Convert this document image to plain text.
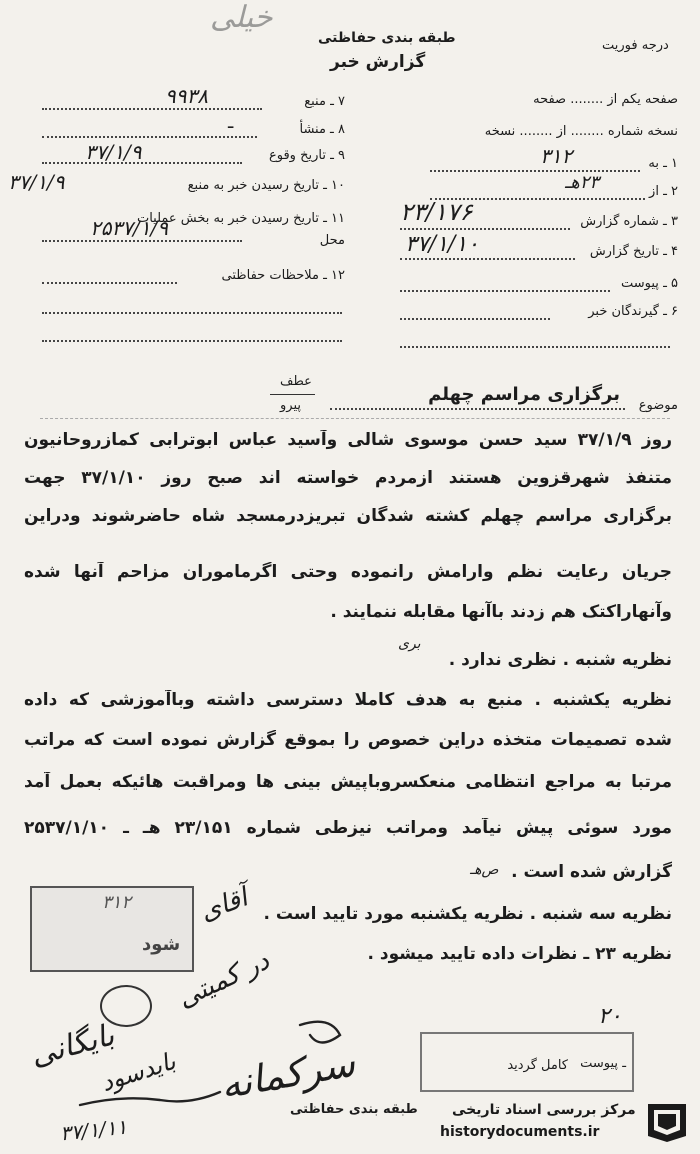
خیلی
درجه فوریت
طبقه بندی حفاظتی
گزارش خبر
صفحه یکم از ........ صفحه
نسخه شماره ........ از ........ نسخه
۱ ـ به
۳۱۲
۲ ـ از
۲۳هـ
۳ ـ شماره گزارش
۲۳/۱۷۶
۴ ـ تاریخ گزارش
۳۷/۱/۱۰
۵ ـ پیوست
۶ ـ گیرندگان خبر
۷ ـ منبع
۹۹۳۸
۸ ـ منشأ
ـ
۹ ـ تاریخ وقوع
۳۷/۱/۹
۱۰ ـ تاریخ رسیدن خبر به منبع
۳۷/۱/۹
۱۱ ـ تاریخ رسیدن خبر به بخش عملیات محل
۲۵۳۷/۱/۹
۱۲ ـ ملاحظات حفاظتی
موضوع
برگزاری مراسم چهلم
عطف
پیرو
روز ۳۷/۱/۹ سید حسن موسوی شالی وآسید عباس ابوترابی کمازروحانیون
متنفذ شهرقزوین هستند ازمردم خواسته اند صبح روز ۳۷/۱/۱۰ جهت
برگزاری مراسم چهلم کشته شدگان تبریزدرمسجد شاه حاضرشوند ودراین
جریان رعایت نظم وارامش رانموده وحتی اگرما‌موران مزاحم آنها شده
وآنهاراکتک هم زدند باآنها مقابله ننمایند .
بری
نظریه شنبه . نظری ندارد .
نظریه یکشنبه . منبع به هدف کاملا دسترسی داشته وباآموزشی که داده
شده تصمیمات متخذه دراین خصوص را بموقع گزارش نموده است که مراتب
مرتبا به مراجع انتظامی منعکسروباپیش بینی ها ومراقبت هائیکه بعمل آمد
مورد سوئی پیش نیآمد ومراتب نیزطی شماره ۲۳/۱۵۱ هـ ـ ۲۵۳۷/۱/۱۰
گزارش شده است .
ص‌هـ
نظریه سه شنبه . نظریه یکشنبه مورد تایید است .
نظریه ۲۳ ـ نظرات داده تایید میشود .
۳۱۲
شود
آقای
در کمیتی
بایگانی
بایدسود
۲۰
ـ پیوست
کامل گردید
سرکمانه
۳۷/۱/۱۱
طبقه بندی حفاظتی مرکز بررسی اسناد تاریخی
historydocuments.ir
